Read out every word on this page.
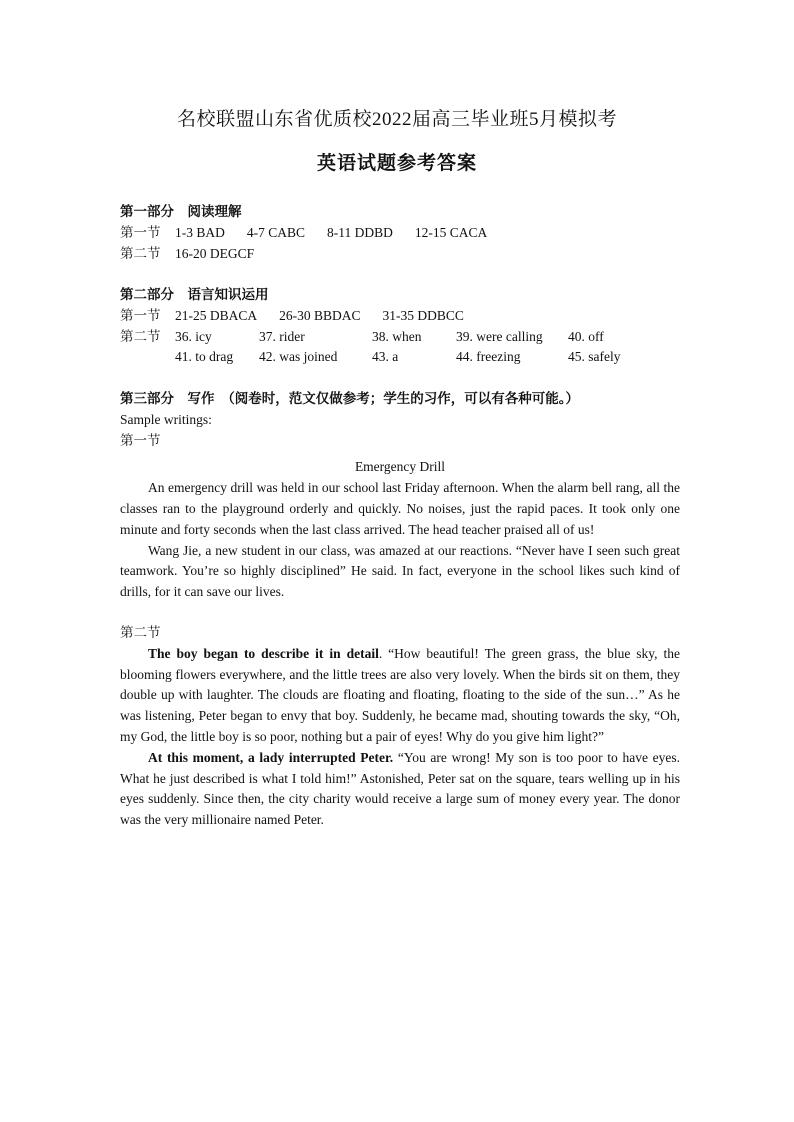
名校联盟山东省优质校2022届高三毕业班5月模拟考
英语试题参考答案
第一部分　阅读理解
第一节 1-3 BAD 4-7 CABC 8-11 DDBD 12-15 CACA
第二节 16-20 DEGCF
第二部分　语言知识运用
第一节 21-25 DBACA 26-30 BBDAC 31-35 DDBCC
第二节 36. icy	37. rider	38. when	39. were calling 40. off
41. to drag 42. was joined	43. a	44. freezing	45. safely
第三部分　写作　（阅卷时，范文仅做参考；学生的习作，可以有各种可能。）
Sample writings:
第一节
Emergency Drill

An emergency drill was held in our school last Friday afternoon. When the alarm bell rang, all the classes ran to the playground orderly and quickly. No noises, just the rapid paces. It took only one minute and forty seconds when the last class arrived. The head teacher praised all of us!

Wang Jie, a new student in our class, was amazed at our reactions. “Never have I seen such great teamwork. You’re so highly disciplined” He said. In fact, everyone in the school likes such kind of drills, for it can save our lives.

第二节

The boy began to describe it in detail. “How beautiful! The green grass, the blue sky, the blooming flowers everywhere, and the little trees are also very lovely. When the birds sit on them, they double up with laughter. The clouds are floating and floating, floating to the side of the sun…” As he was listening, Peter began to envy that boy. Suddenly, he became mad, shouting towards the sky, “Oh, my God, the little boy is so poor, nothing but a pair of eyes! Why do you give him light?”

At this moment, a lady interrupted Peter. “You are wrong! My son is too poor to have eyes. What he just described is what I told him!” Astonished, Peter sat on the square, tears welling up in his eyes suddenly. Since then, the city charity would receive a large sum of money every year. The donor was the very millionaire named Peter.
